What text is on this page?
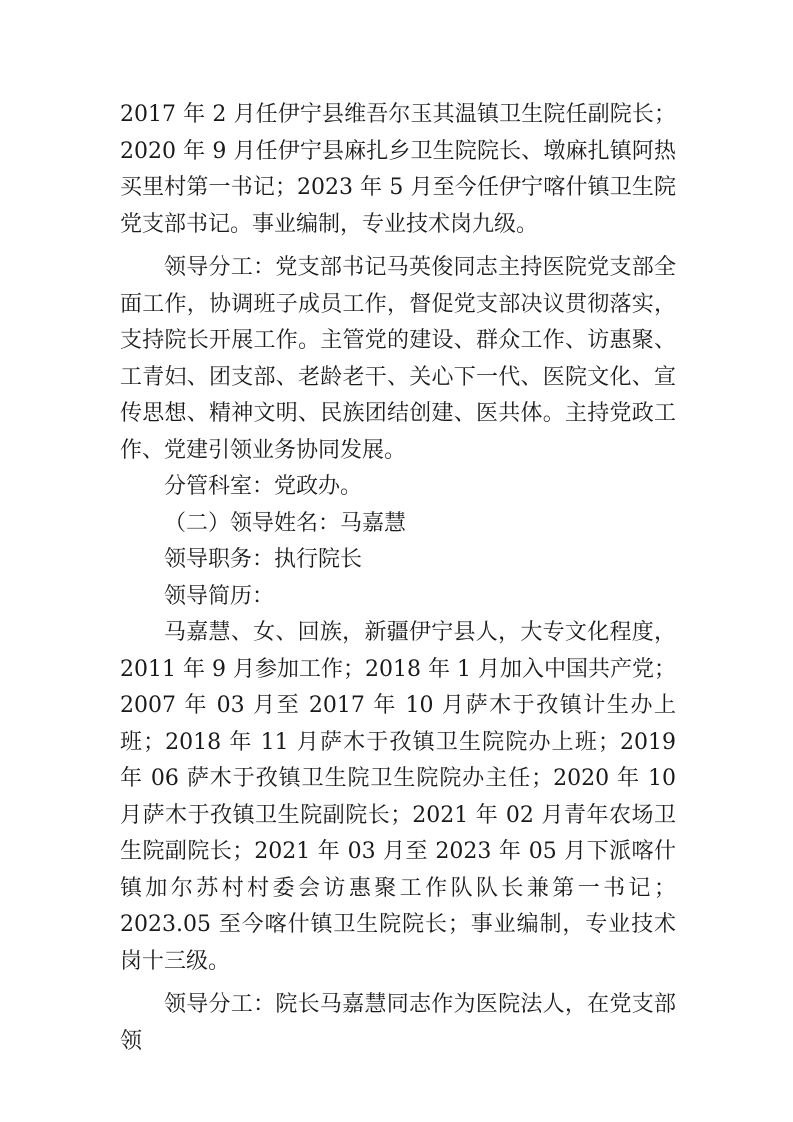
2017 年 2 月任伊宁县维吾尔玉其温镇卫生院任副院长；2020 年 9 月任伊宁县麻扎乡卫生院院长、墩麻扎镇阿热买里村第一书记；2023 年 5 月至今任伊宁喀什镇卫生院党支部书记。事业编制，专业技术岗九级。

领导分工：党支部书记马英俊同志主持医院党支部全面工作，协调班子成员工作，督促党支部决议贯彻落实，支持院长开展工作。主管党的建设、群众工作、访惠聚、工青妇、团支部、老龄老干、关心下一代、医院文化、宣传思想、精神文明、民族团结创建、医共体。主持党政工作、党建引领业务协同发展。

分管科室：党政办。

（二）领导姓名：马嘉慧

领导职务：执行院长

领导简历：

马嘉慧、女、回族，新疆伊宁县人，大专文化程度，2011 年 9 月参加工作；2018 年 1 月加入中国共产党；2007 年 03 月至 2017 年 10 月萨木于孜镇计生办上班；2018 年 11 月萨木于孜镇卫生院院办上班；2019 年 06 萨木于孜镇卫生院卫生院院办主任；2020 年 10 月萨木于孜镇卫生院副院长；2021 年 02 月青年农场卫生院副院长；2021 年 03 月至 2023 年 05 月下派喀什镇加尔苏村村委会访惠聚工作队队长兼第一书记；2023.05 至今喀什镇卫生院院长；事业编制，专业技术岗十三级。

领导分工：院长马嘉慧同志作为医院法人，在党支部领
